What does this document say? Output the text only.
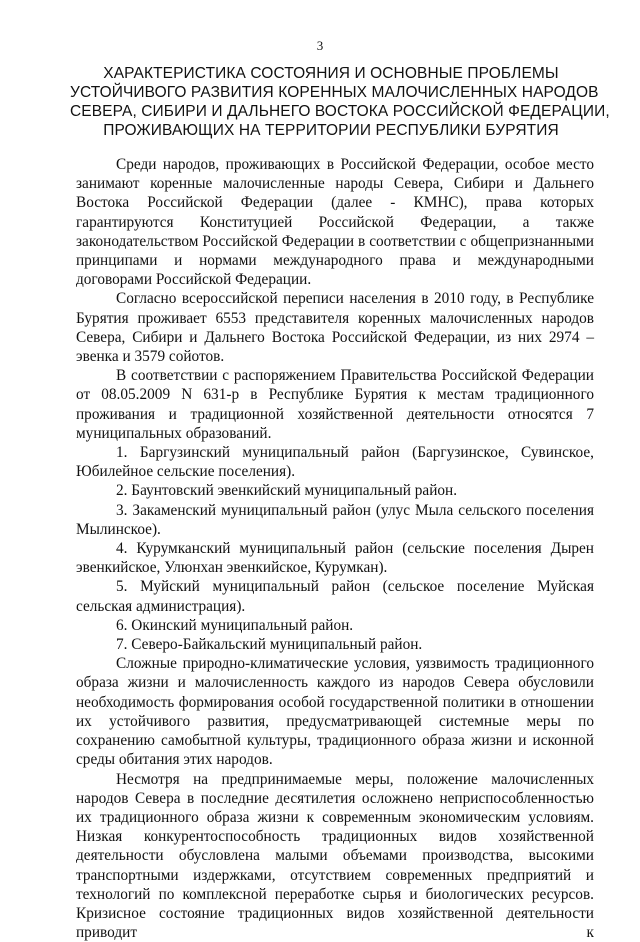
3
ХАРАКТЕРИСТИКА СОСТОЯНИЯ И ОСНОВНЫЕ ПРОБЛЕМЫ
УСТОЙЧИВОГО РАЗВИТИЯ КОРЕННЫХ МАЛОЧИСЛЕННЫХ НАРОДОВ
СЕВЕРА, СИБИРИ И ДАЛЬНЕГО ВОСТОКА РОССИЙСКОЙ ФЕДЕРАЦИИ,
ПРОЖИВАЮЩИХ НА ТЕРРИТОРИИ РЕСПУБЛИКИ БУРЯТИЯ

Среди народов, проживающих в Российской Федерации, особое место занимают коренные малочисленные народы Севера, Сибири и Дальнего Востока Российской Федерации (далее - КМНС), права которых гарантируются Конституцией Российской Федерации, а также законодательством Российской Федерации в соответствии с общепризнанными принципами и нормами международного права и международными договорами Российской Федерации.

Согласно всероссийской переписи населения в 2010 году, в Республике Бурятия проживает 6553 представителя коренных малочисленных народов Севера, Сибири и Дальнего Востока Российской Федерации, из них 2974 – эвенка и 3579 сойотов.

В соответствии с распоряжением Правительства Российской Федерации от 08.05.2009 N 631-р в Республике Бурятия к местам традиционного проживания и традиционной хозяйственной деятельности относятся 7 муниципальных образований.

1. Баргузинский муниципальный район (Баргузинское, Сувинское, Юбилейное сельские поселения).

2. Баунтовский эвенкийский муниципальный район.

3. Закаменский муниципальный район (улус Мыла сельского поселения Мылинское).

4. Курумканский муниципальный район (сельские поселения Дырен эвенкийское, Улюнхан эвенкийское, Курумкан).

5. Муйский муниципальный район (сельское поселение Муйская сельская администрация).

6. Окинский муниципальный район.

7. Северо-Байкальский муниципальный район.

Сложные природно-климатические условия, уязвимость традиционного образа жизни и малочисленность каждого из народов Севера обусловили необходимость формирования особой государственной политики в отношении их устойчивого развития, предусматривающей системные меры по сохранению самобытной культуры, традиционного образа жизни и исконной среды обитания этих народов.

Несмотря на предпринимаемые меры, положение малочисленных народов Севера в последние десятилетия осложнено неприспособленностью их традиционного образа жизни к современным экономическим условиям. Низкая конкурентоспособность традиционных видов хозяйственной деятельности обусловлена малыми объемами производства, высокими транспортными издержками, отсутствием современных предприятий и технологий по комплексной переработке сырья и биологических ресурсов. Кризисное состояние традиционных видов хозяйственной деятельности приводит к
